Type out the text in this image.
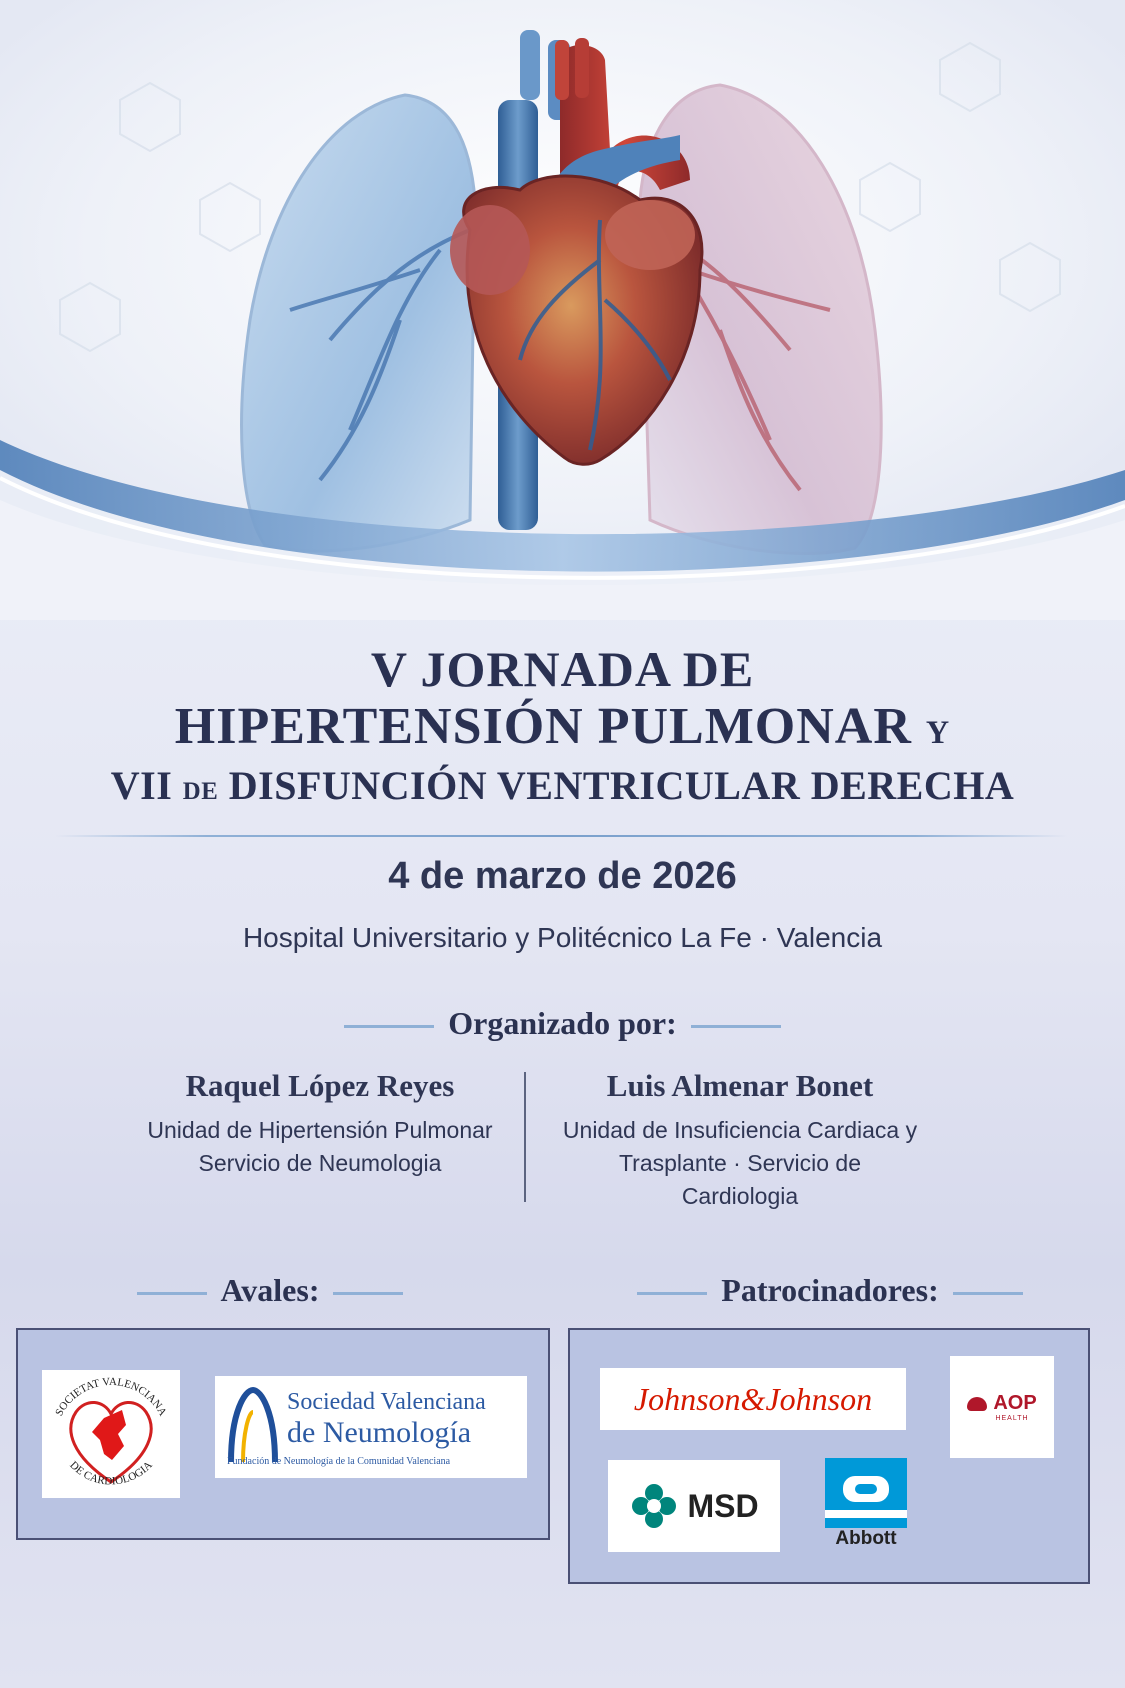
V JORNADA DE
HIPERTENSIÓN PULMONAR Y
VII DE DISFUNCIÓN VENTRICULAR DERECHA
4 de marzo de 2026
Hospital Universitario y Politécnico La Fe · Valencia
Organizado por:
Raquel López Reyes
Unidad de Hipertensión Pulmonar
Servicio de Neumologia
Luis Almenar Bonet
Unidad de Insuficiencia Cardiaca y
Trasplante · Servicio de
Cardiologia
Avales:
SOCIETAT VALENCIANA
DE CARDIOLOGIA
Sociedad Valenciana
de Neumología
Fundación de Neumología de la Comunidad Valenciana
Patrocinadores:
Johnson&Johnson	AOP
HEALTH
MSD
Abbott
